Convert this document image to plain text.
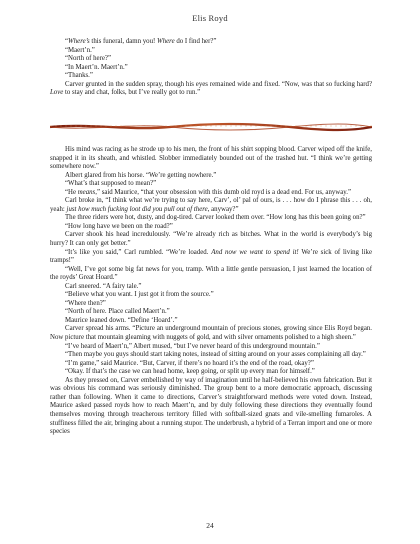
Elis Royd

“Where’s this funeral, damn you! Where do I find her?”

“Maert’n.”

“North of here?”

“In Maert’n. Maert’n.”

“Thanks.”

Carver grunted in the sudden spray, though his eyes remained wide and fixed. “Now, was that so fucking hard? Love to stay and chat, folks, but I’ve really got to run.”

His mind was racing as he strode up to his men, the front of his shirt sopping blood. Carver wiped off the knife, snapped it in its sheath, and whistled. Slobber immediately bounded out of the trashed hut. “I think we’re getting somewhere now.”

Albert glared from his horse. “We’re getting nowhere.”

“What’s that supposed to mean?”

“He means,” said Maurice, “that your obsession with this dumb old royd is a dead end. For us, anyway.”

Carl broke in, “I think what we’re trying to say here, Carv’, ol’ pal of ours, is . . . how do I phrase this . . . oh, yeah: just how much fucking loot did you pull out of there, anyway?”

The three riders were hot, dusty, and dog-tired. Carver looked them over. “How long has this been going on?”

“How long have we been on the road?”

Carver shook his head incredulously. “We’re already rich as bitches. What in the world is everybody’s big hurry? It can only get better.”

“It’s like you said,” Carl rumbled. “We’re loaded. And now we want to spend it! We’re sick of living like tramps!”

“Well, I’ve got some big fat news for you, tramp. With a little gentle persuasion, I just learned the location of the royds’ Great Hoard.”

Carl sneered. “A fairy tale.”

“Believe what you want. I just got it from the source.”

“Where then?”

“North of here. Place called Maert’n.”

Maurice leaned down. “Define ‘Hoard’.”

Carver spread his arms. “Picture an underground mountain of precious stones, growing since Elis Royd began. Now picture that mountain gleaming with nuggets of gold, and with silver ornaments polished to a high sheen.”

“I’ve heard of Maert’n,” Albert mused, “but I’ve never heard of this underground mountain.”

“Then maybe you guys should start taking notes, instead of sitting around on your asses complaining all day.”

“I’m game,” said Maurice. “But, Carver, if there’s no hoard it’s the end of the road, okay?”

“Okay. If that’s the case we can head home, keep going, or split up every man for himself.”

As they pressed on, Carver embellished by way of imagination until he half-believed his own fabrication. But it was obvious his command was seriously diminished. The group bent to a more democratic approach, discussing rather than following. When it came to directions, Carver’s straightforward methods were voted down. Instead, Maurice asked passed royds how to reach Maert’n, and by duly following these directions they eventually found themselves moving through treacherous territory filled with softball-sized gnats and vile-smelling fumaroles. A stuffiness filled the air, bringing about a running stupor. The underbrush, a hybrid of a Terran import and one or more species

24
